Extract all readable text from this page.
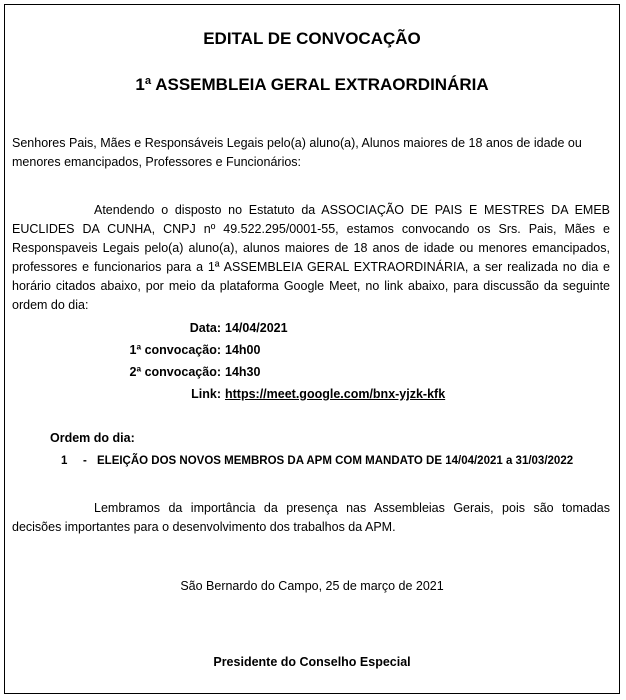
EDITAL DE CONVOCAÇÃO
1ª ASSEMBLEIA GERAL EXTRAORDINÁRIA
Senhores Pais, Mães e Responsáveis Legais pelo(a) aluno(a), Alunos maiores de 18 anos de idade ou menores emancipados, Professores e Funcionários:
Atendendo o disposto no Estatuto da ASSOCIAÇÃO DE PAIS E MESTRES DA EMEB EUCLIDES DA CUNHA, CNPJ nº 49.522.295/0001-55, estamos convocando os Srs. Pais, Mães e Responspaveis Legais pelo(a) aluno(a), alunos maiores de 18 anos de idade ou menores emancipados, professores e funcionarios para a 1ª ASSEMBLEIA GERAL EXTRAORDINÁRIA, a ser realizada no dia e horário citados abaixo, por meio da plataforma Google Meet, no link abaixo, para discussão da seguinte ordem do dia:
Data: 14/04/2021
1ª convocação: 14h00
2ª convocação: 14h30
Link: https://meet.google.com/bnx-yjzk-kfk
Ordem do dia:
1 - ELEIÇÃO DOS NOVOS MEMBROS DA APM COM MANDATO DE 14/04/2021 a 31/03/2022
Lembramos da importância da presença nas Assembleias Gerais, pois são tomadas decisões importantes para o desenvolvimento dos trabalhos da APM.
São Bernardo do Campo, 25 de março de 2021
Presidente do Conselho Especial
